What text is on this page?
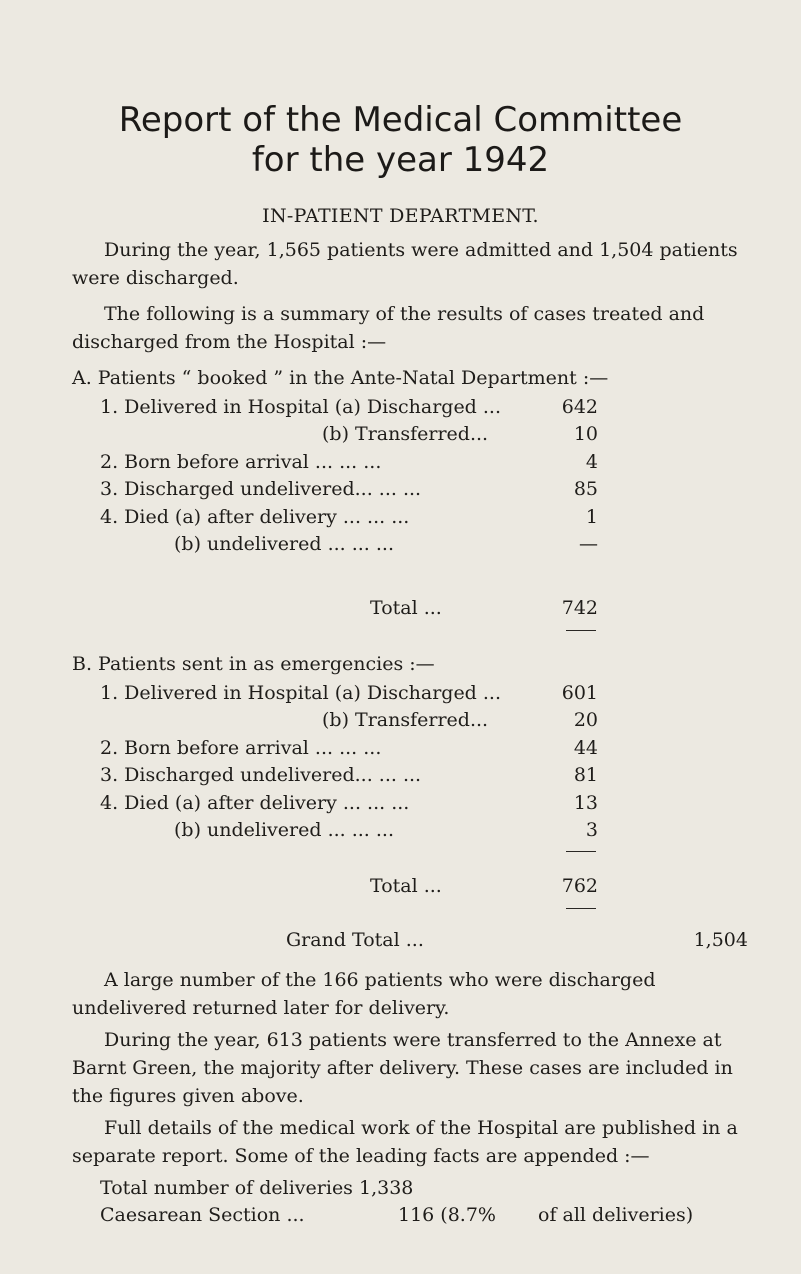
Report of the Medical Committee
for the year 1942
IN-PATIENT DEPARTMENT.
During the year, 1,565 patients were admitted and 1,504 patients were discharged.
The following is a summary of the results of cases treated and discharged from the Hospital :—
A. Patients “ booked ” in the Ante-Natal Department :—
1. Delivered in Hospital (a) Discharged ...	642
(b) Transferred...	10
2. Born before arrival ... ... ...	4
3. Discharged undelivered... ... ...	85
4. Died (a) after delivery ... ... ...	1
(b) undelivered ... ... ...	—
Total ...	742
B. Patients sent in as emergencies :—
1. Delivered in Hospital (a) Discharged ...	601
(b) Transferred...	20
2. Born before arrival ... ... ...	44
3. Discharged undelivered... ... ...	81
4. Died (a) after delivery ... ... ...	13
(b) undelivered ... ... ...	3
Total ...	762
Grand Total ...	1,504
A large number of the 166 patients who were discharged undelivered returned later for delivery.
During the year, 613 patients were transferred to the Annexe at Barnt Green, the majority after delivery. These cases are included in the figures given above.
Full details of the medical work of the Hospital are published in a separate report. Some of the leading facts are appended :—
Total number of deliveries 1,338
Caesarean Section ...	116 (8.7% of all deliveries)
